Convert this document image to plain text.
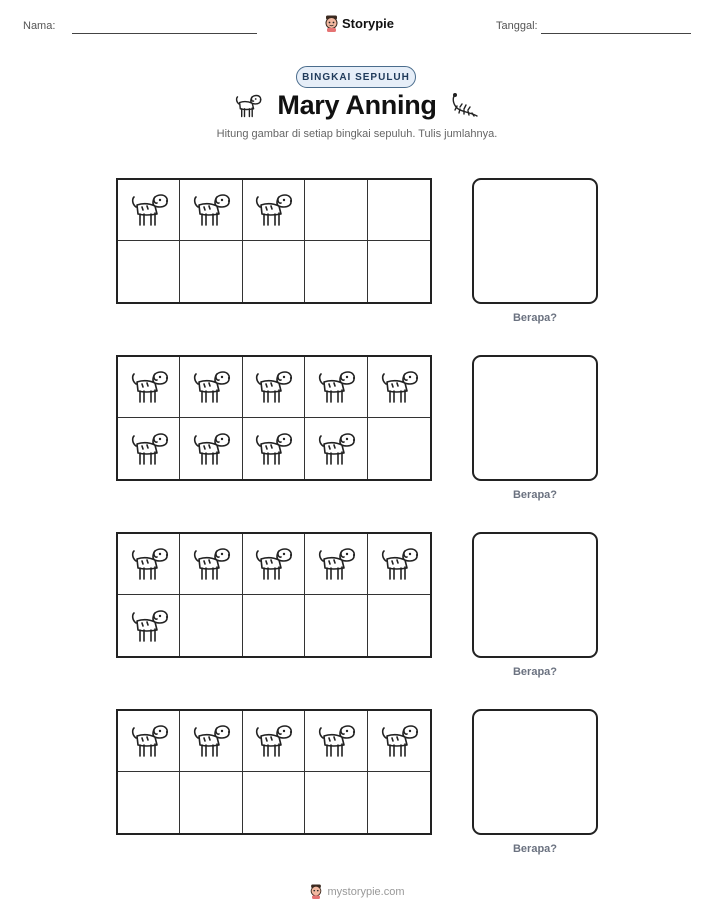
Nama:	Storypie	Tanggal:
BINGKAI SEPULUH
Mary Anning
Hitung gambar di setiap bingkai sepuluh. Tulis jumlahnya.
Berapa?
Berapa?
Berapa?
Berapa?
mystorypie.com
